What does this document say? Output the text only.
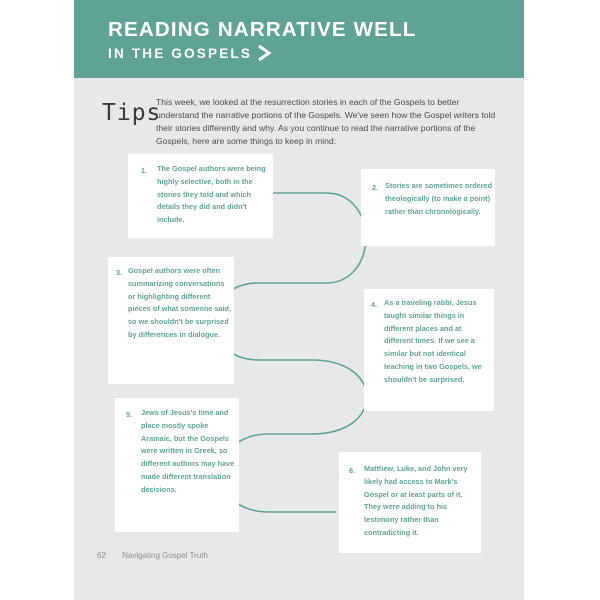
READING NARRATIVE WELL
IN THE GOSPELS
Tips
This week, we looked at the resurrection stories in each of the Gospels to better understand the narrative portions of the Gospels. We've seen how the Gospel writers told their stories differently and why. As you continue to read the narrative portions of the Gospels, here are some things to keep in mind:
1. The Gospel authors were being highly selective, both in the stories they told and which details they did and didn't include.
2. Stories are sometimes ordered theologically (to make a point) rather than chronologically.
3. Gospel authors were often summarizing conversations or highlighting different pieces of what someone said, so we shouldn't be surprised by differences in dialogue.
4. As a traveling rabbi, Jesus taught similar things in different places and at different times. If we see a similar but not identical teaching in two Gospels, we shouldn't be surprised.
5. Jews of Jesus's time and place mostly spoke Aramaic, but the Gospels were written in Greek, so different authors may have made different translation decisions.
6. Matthew, Luke, and John very likely had access to Mark's Gospel or at least parts of it. They were adding to his testimony rather than contradicting it.
62 Navigating Gospel Truth
